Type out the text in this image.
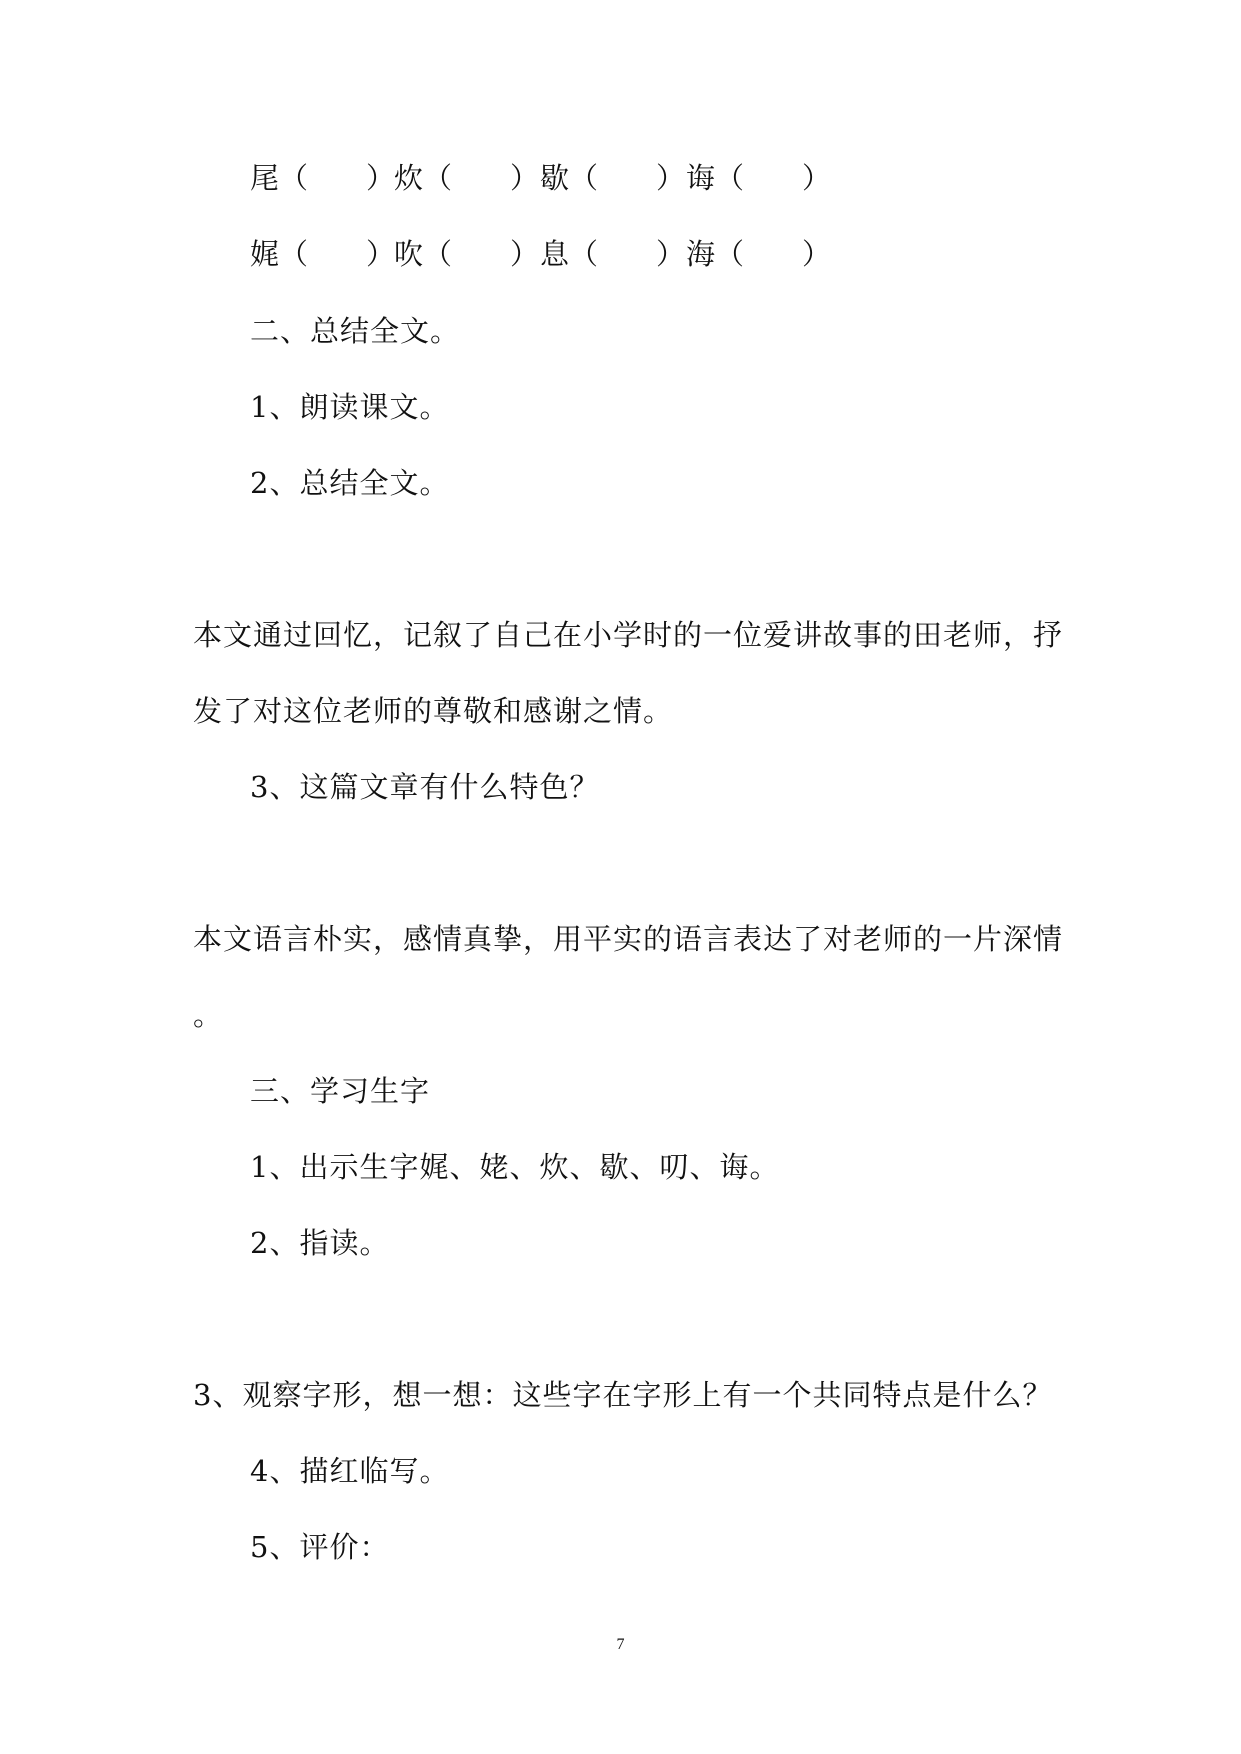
尾（　　）
炊（　　） 歇（　　） 诲（　　）
娓（　　）
吹（　　） 息（　　） 海（　　）
二、总结全文。
1、朗读课文。
2、总结全文。
本文通过回忆，记叙了自己在小学时的一位爱讲故事的田老师，抒
发了对这位老师的尊敬和感谢之情。
3、这篇文章有什么特色？
本文语言朴实，感情真挚，用平实的语言表达了对老师的一片深情
。
三、学习生字
1、出示生字娓、姥、炊、歇、叨、诲。
2、指读。
3、观察字形，想一想：这些字在字形上有一个共同特点是什么？
4、描红临写。
5、评价：
7
